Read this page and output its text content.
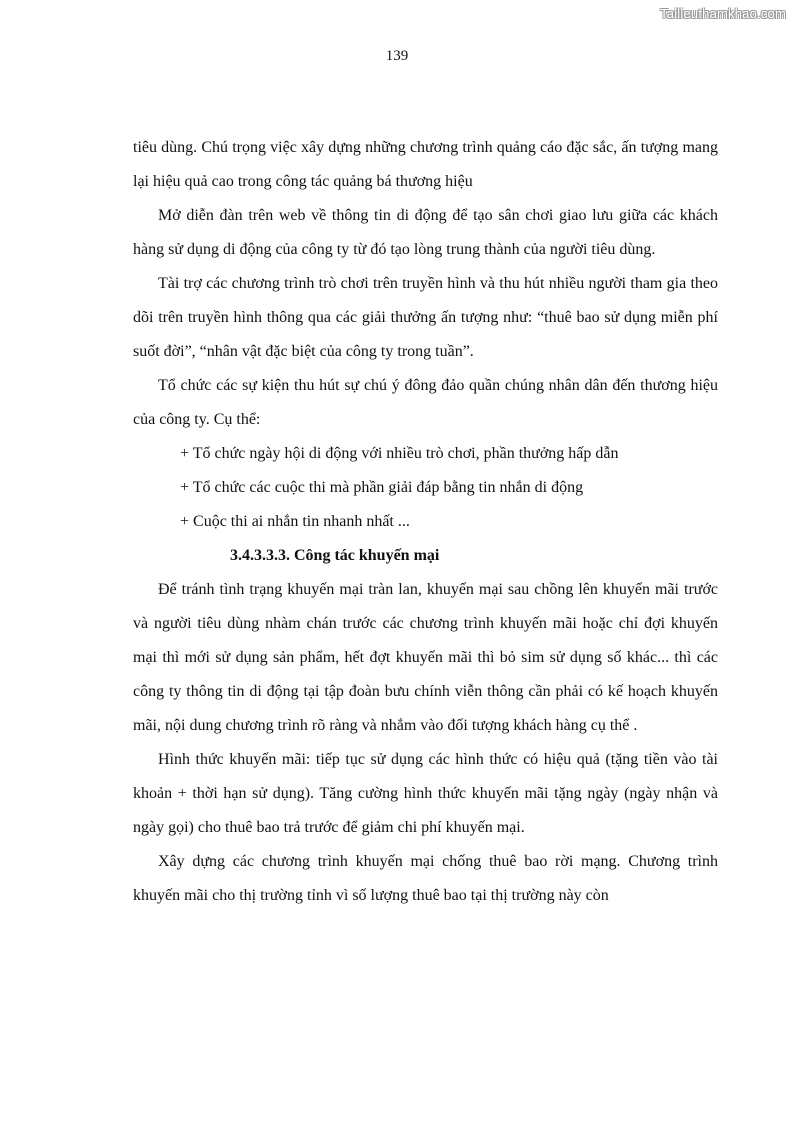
Tailieuthamkhao.com
139

tiêu dùng. Chú trọng việc xây dựng những chương trình quảng cáo đặc sắc, ấn tượng mang lại hiệu quả cao trong công tác quảng bá thương hiệu

Mở diễn đàn trên web về thông tin di động để tạo sân chơi giao lưu giữa các khách hàng sử dụng di động của công ty từ đó tạo lòng trung thành của người tiêu dùng.

Tài trợ các chương trình trò chơi trên truyền hình và thu hút nhiều người tham gia theo dõi trên truyền hình thông qua các giải thưởng ấn tượng như: “thuê bao sử dụng miễn phí suốt đời”, “nhân vật đặc biệt của công ty trong tuần”.

Tổ chức các sự kiện thu hút sự chú ý đông đảo quần chúng nhân dân đến thương hiệu của công ty. Cụ thể:

+ Tổ chức ngày hội di động với nhiều trò chơi, phần thưởng hấp dẫn

+ Tổ chức các cuộc thi mà phần giải đáp bằng tin nhắn di động

+ Cuộc thi ai nhắn tin nhanh nhất ...

3.4.3.3.3. Công tác khuyến mại

Để tránh tình trạng khuyến mại tràn lan, khuyến mại sau chồng lên khuyến mãi trước và người tiêu dùng nhàm chán trước các chương trình khuyến mãi hoặc chỉ đợi khuyến mại thì mới sử dụng sản phẩm, hết đợt khuyến mãi thì bỏ sim sử dụng số khác... thì các công ty thông tin di động tại tập đoàn bưu chính viễn thông cần phải có kế hoạch khuyến mãi, nội dung chương trình rõ ràng và nhắm vào đối tượng khách hàng cụ thể .

Hình thức khuyến mãi: tiếp tục sử dụng các hình thức có hiệu quả (tặng tiền vào tài khoản + thời hạn sử dụng). Tăng cường hình thức khuyến mãi tặng ngày (ngày nhận và ngày gọi) cho thuê bao trả trước để giảm chi phí khuyến mại.

Xây dựng các chương trình khuyến mại chống thuê bao rời mạng. Chương trình khuyến mãi cho thị trường tỉnh vì số lượng thuê bao tại thị trường này còn
